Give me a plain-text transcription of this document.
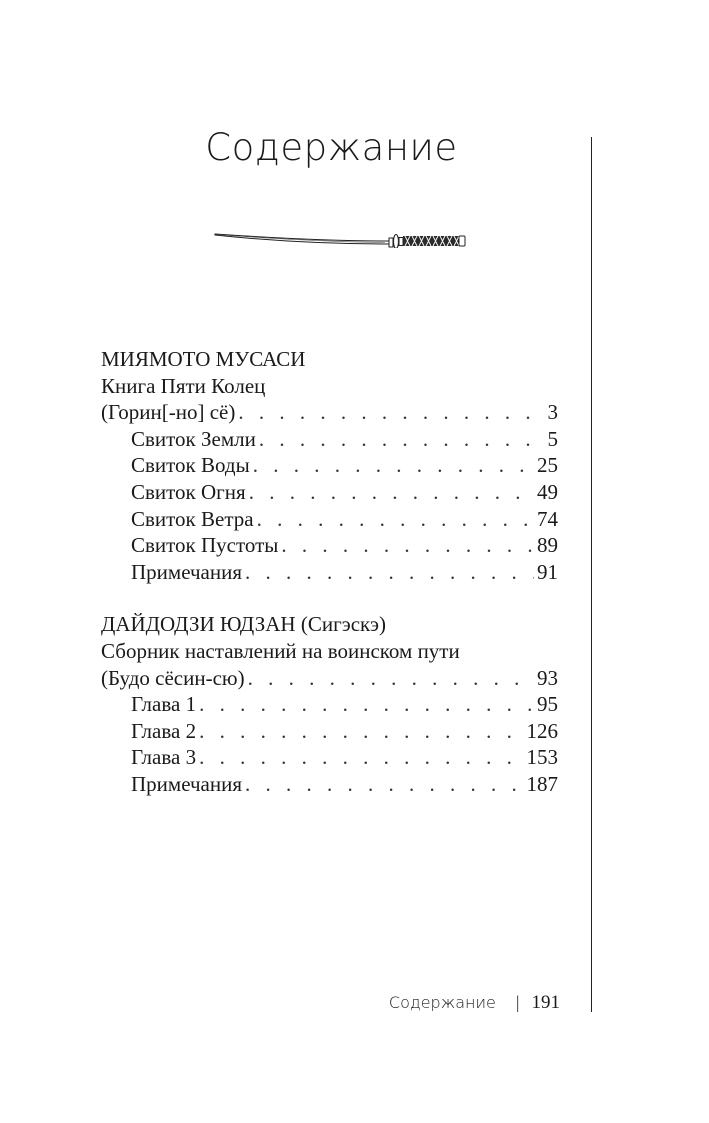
Содержание
МИЯМОТО МУСАСИ
Книга Пяти Колец
(Горин[-но] сё) . . .	3
Свиток Земли . . .	5
Свиток Воды . . .	25
Свиток Огня . . .	49
Свиток Ветра . . .	74
Свиток Пустоты . . .	89
Примечания . . .	91
ДАЙДОДЗИ ЮДЗАН (Сигэскэ)
Сборник наставлений на воинском пути
(Будо сёсин-сю) . . .	93
Глава 1 . . .	95
Глава 2 . . .	126
Глава 3 . . .	153
Примечания . . .	187
Содержание | 191
